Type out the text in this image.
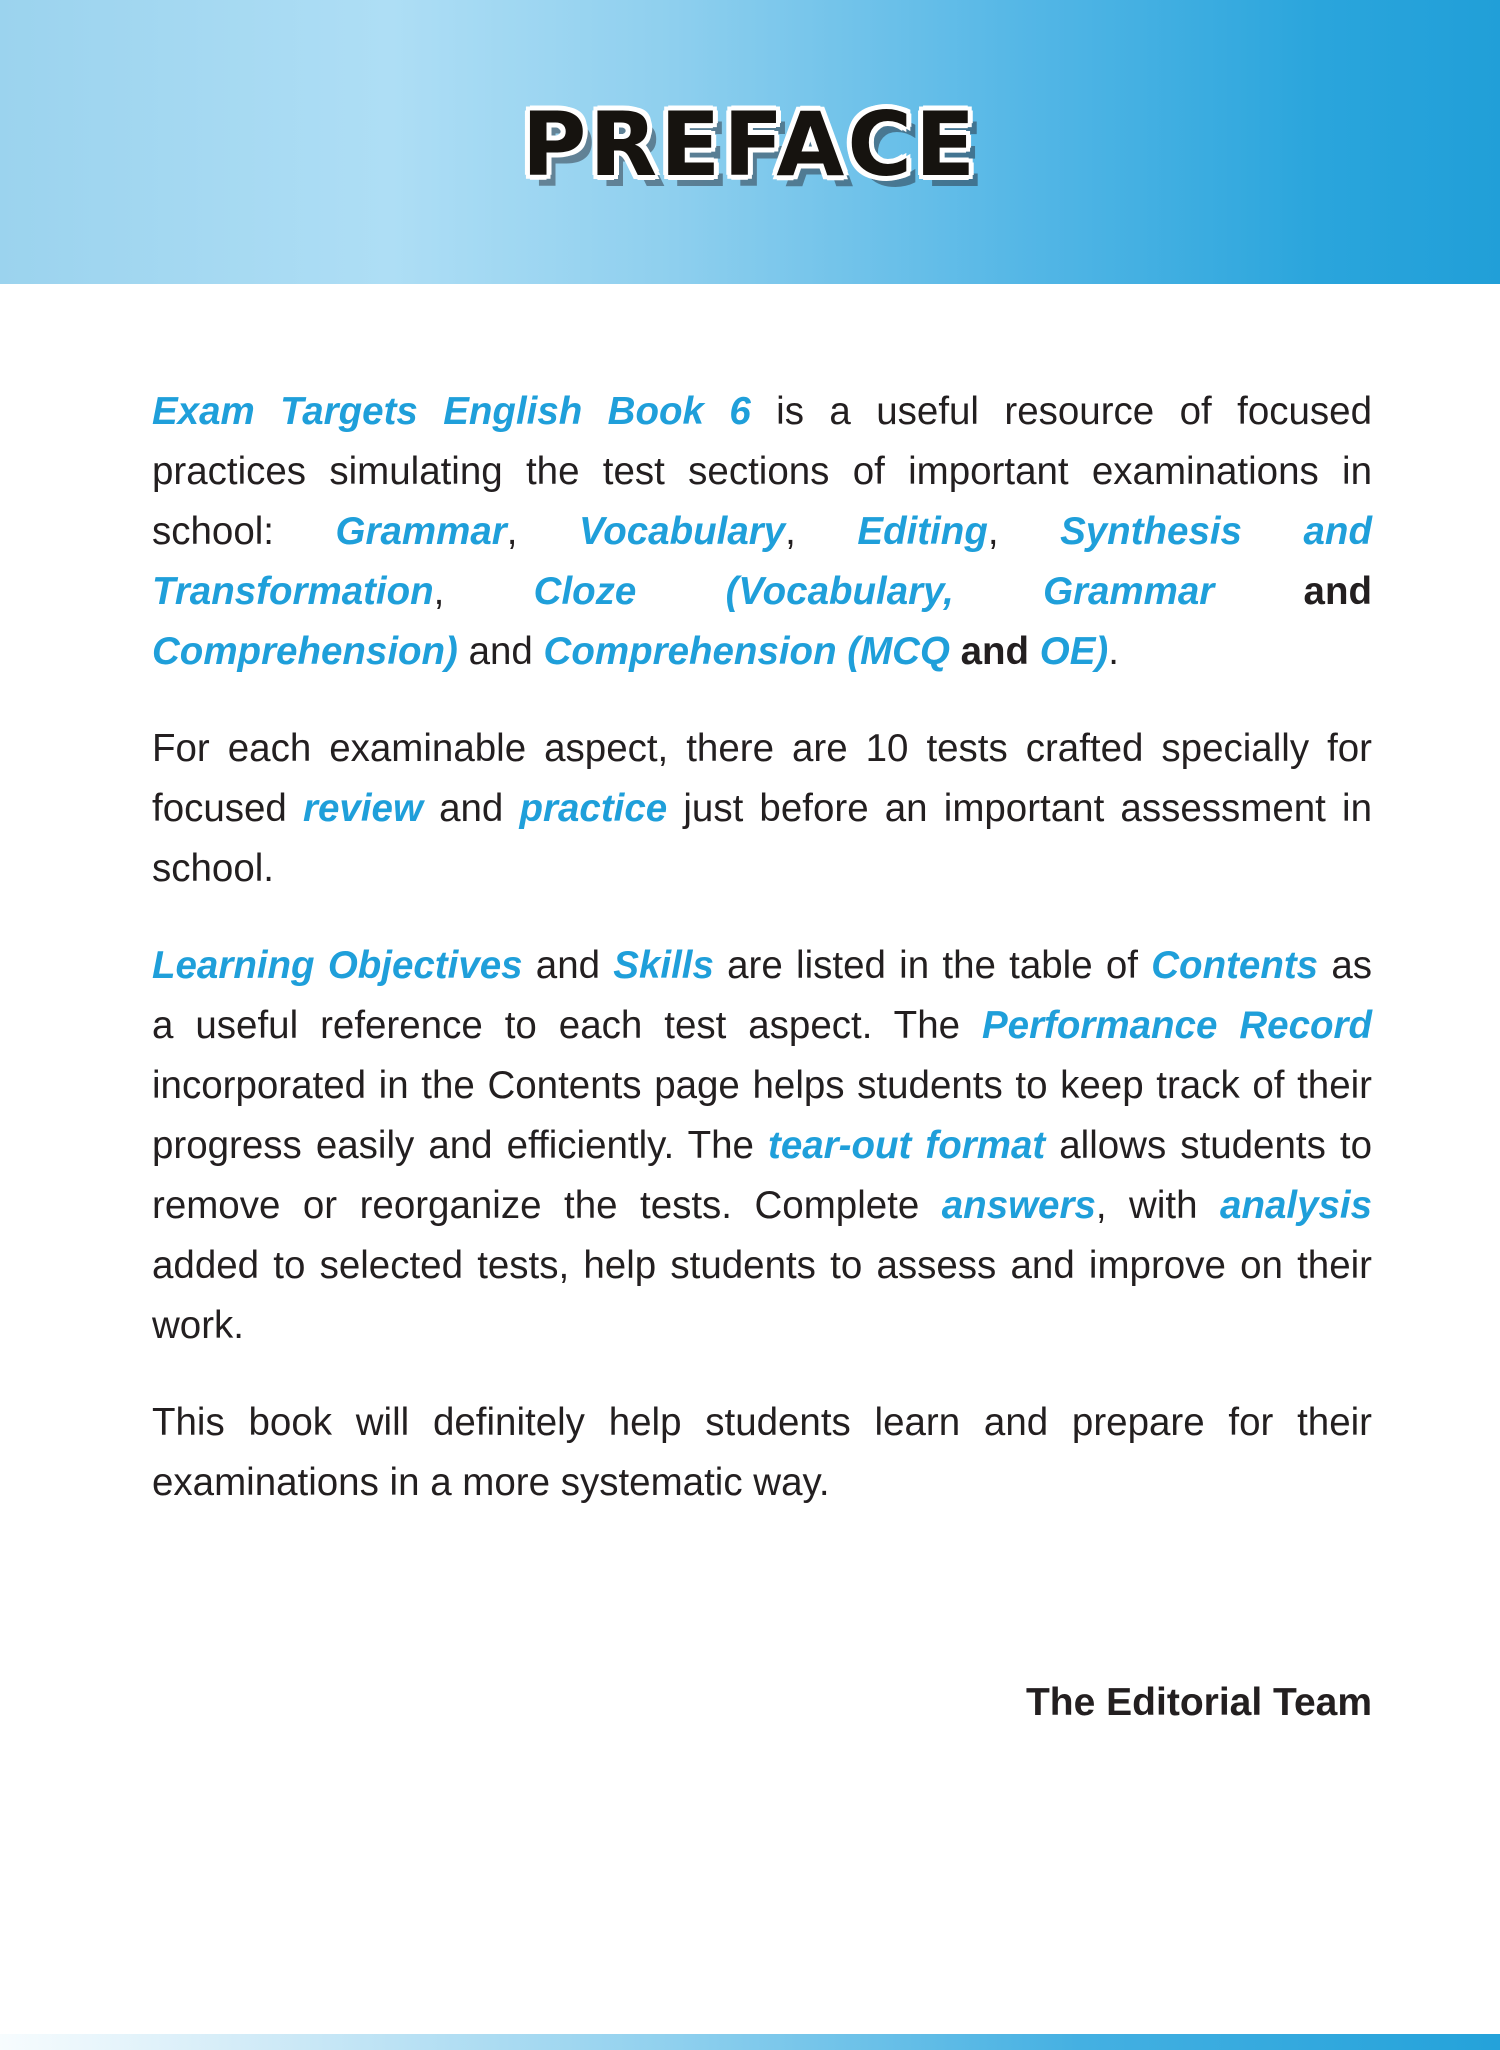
PREFACE

Exam Targets English Book 6 is a useful resource of focused practices simulating the test sections of important examinations in school: Grammar, Vocabulary, Editing, Synthesis and Transformation, Cloze (Vocabulary, Grammar and Comprehension) and Comprehension (MCQ and OE).

For each examinable aspect, there are 10 tests crafted specially for focused review and practice just before an important assessment in school.

Learning Objectives and Skills are listed in the table of Contents as a useful reference to each test aspect. The Performance Record incorporated in the Contents page helps students to keep track of their progress easily and efficiently. The tear-out format allows students to remove or reorganize the tests. Complete answers, with analysis added to selected tests, help students to assess and improve on their work.

This book will definitely help students learn and prepare for their examinations in a more systematic way.

The Editorial Team
